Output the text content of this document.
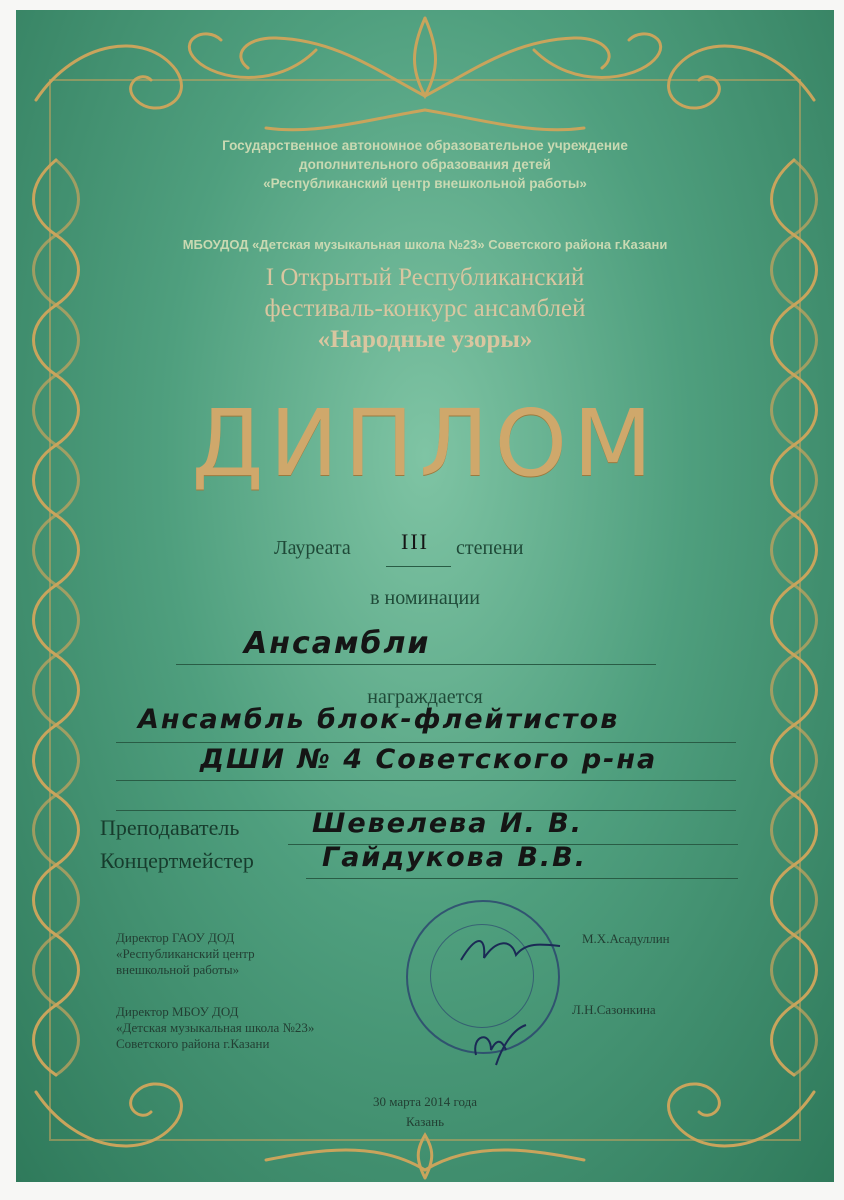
Государственное автономное образовательное учреждение
дополнительного образования детей
«Республиканский центр внешкольной работы»
МБОУДОД «Детская музыкальная школа №23» Советского района г.Казани
I Открытый Республиканский
фестиваль-конкурс ансамблей
«Народные узоры»
ДИПЛОМ
Лауреата III степени
в номинации
Ансамбли
награждается
Ансамбль блок-флейтистов
ДШИ № 4 Советского р-на
Преподаватель	Шевелева И. В.
Концертмейстер	Гайдукова В.В.
Директор ГАОУ ДОД
«Республиканский центр
внешкольной работы»
М.Х.Асадуллин
Директор МБОУ ДОД
«Детская музыкальная школа №23»
Советского района г.Казани
Л.Н.Сазонкина
30 марта 2014 года
Казань
